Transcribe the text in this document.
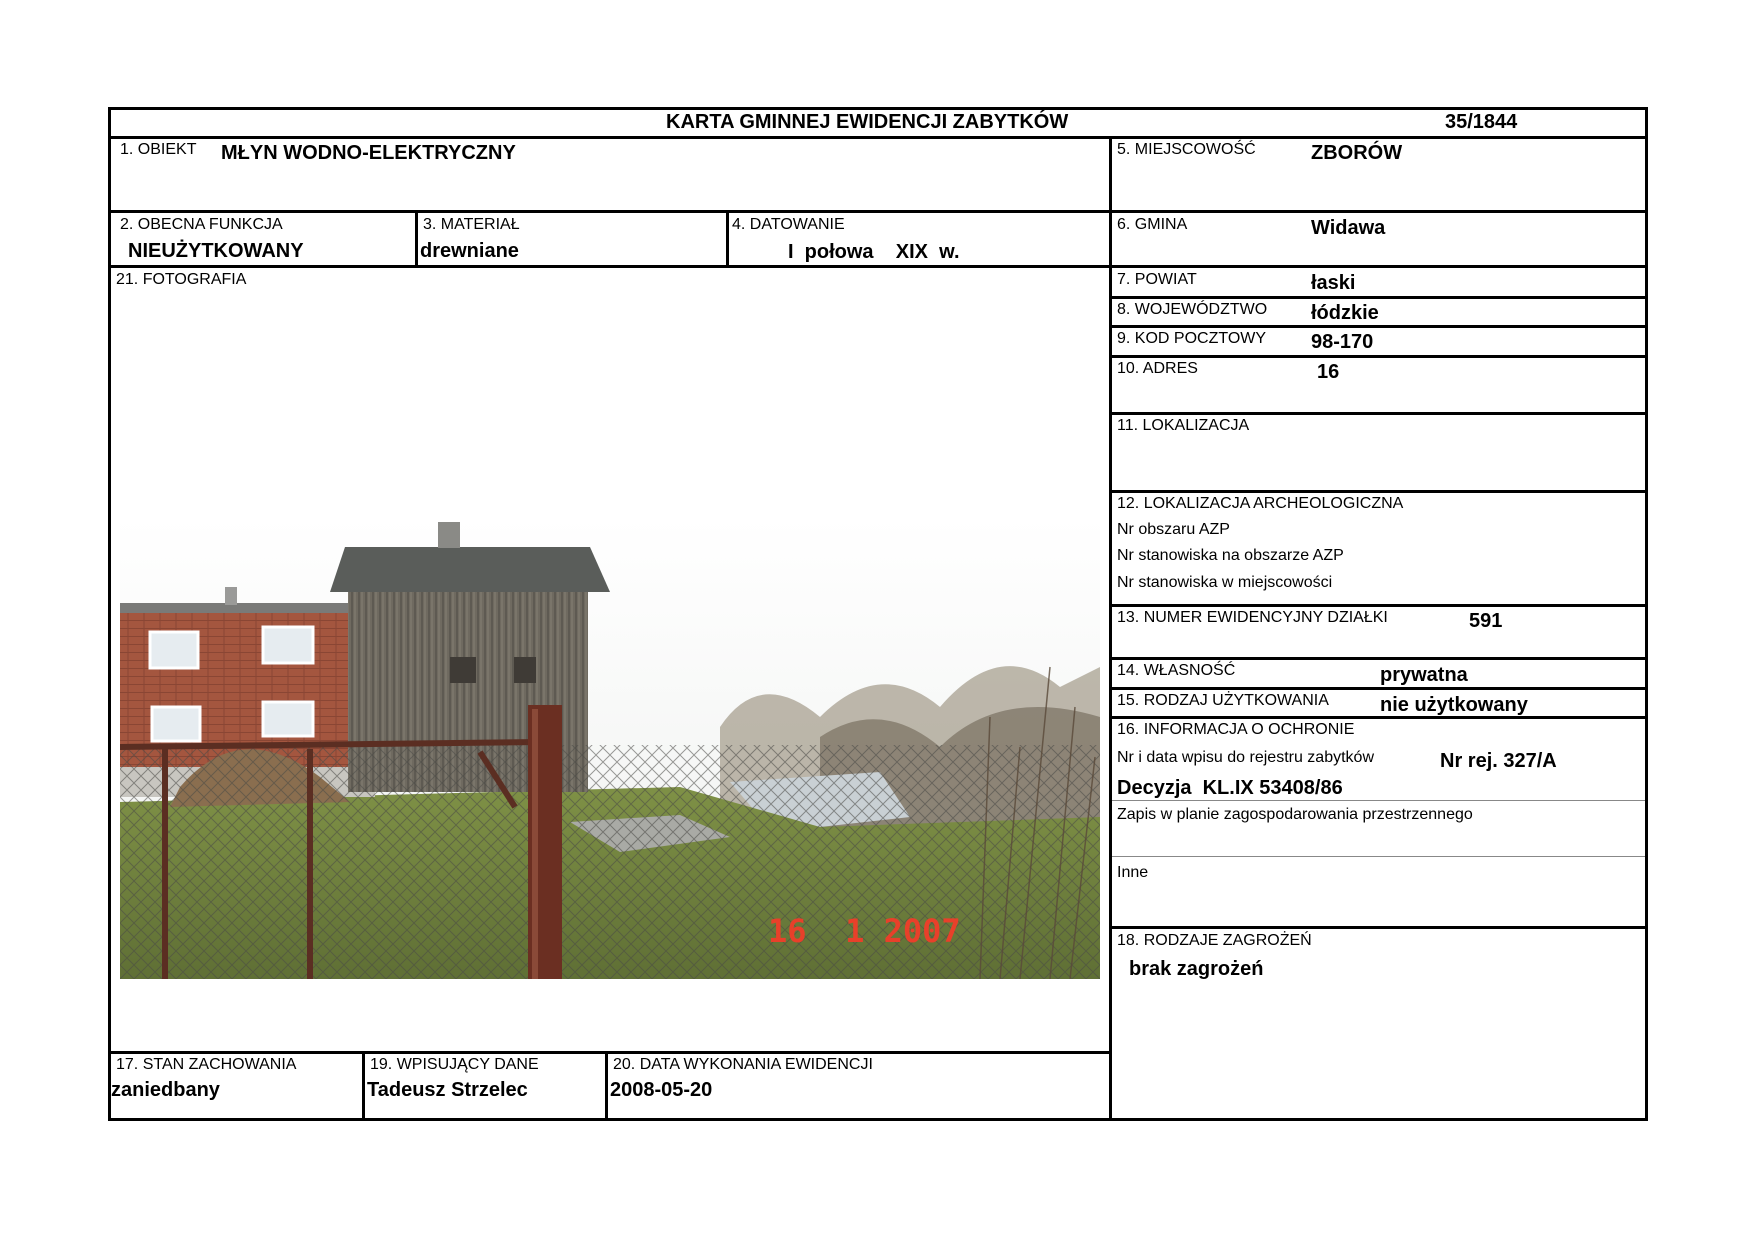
KARTA GMINNEJ EWIDENCJI ZABYTKÓW	35/1844
1. OBIEKT MŁYN WODNO-ELEKTRYCZNY
2. OBECNA FUNKCJA
NIEUŻYTKOWANY
3. MATERIAŁ
drewniane
4. DATOWANIE
I  połowa    XIX  w.
21. FOTOGRAFIA
16  1 2007
17. STAN ZACHOWANIA
zaniedbany
19. WPISUJĄCY DANE
Tadeusz Strzelec
20. DATA WYKONANIA EWIDENCJI
2008-05-20
5. MIEJSCOWOŚĆ	ZBORÓW
6. GMINA	Widawa
7. POWIAT	łaski
8. WOJEWÓDZTWO łódzkie
9. KOD POCZTOWY 98-170
10. ADRES	16
11. LOKALIZACJA
12. LOKALIZACJA ARCHEOLOGICZNA
Nr obszaru AZP
Nr stanowiska na obszarze AZP
Nr stanowiska w miejscowości
13. NUMER EWIDENCYJNY DZIAŁKI	591
14. WŁASNOŚĆ	prywatna
15. RODZAJ UŻYTKOWANIA	nie użytkowany
16. INFORMACJA O OCHRONIE
Nr i data wpisu do rejestru zabytków	Nr rej. 327/A
Decyzja  KL.IX 53408/86
Zapis w planie zagospodarowania przestrzennego
Inne
18. RODZAJE ZAGROŻEŃ
brak zagrożeń
